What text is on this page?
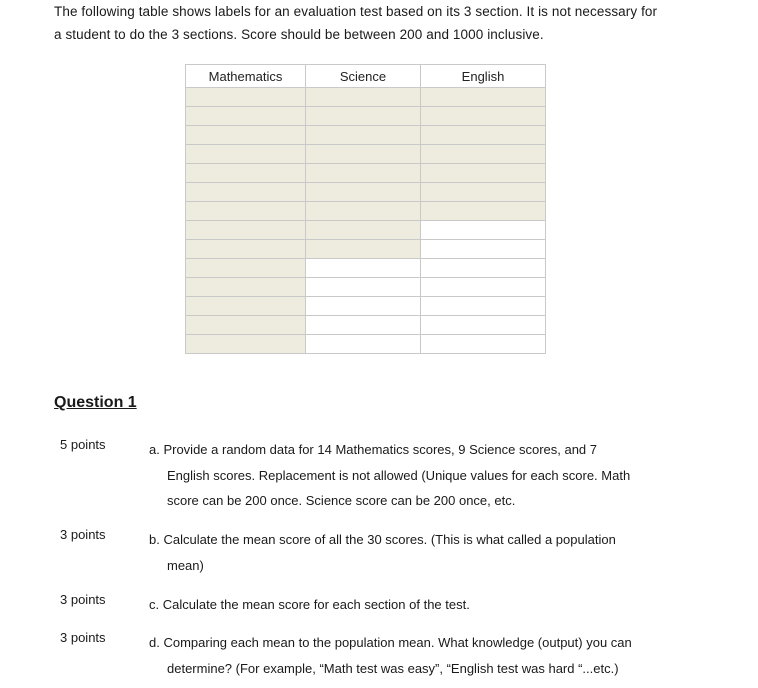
The following table shows labels for an evaluation test based on its 3 section. It is not necessary for
a student to do the 3 sections. Score should be between 200 and 1000 inclusive.
Mathematics	Science	English

Question 1
5 points	a. Provide a random data for 14 Mathematics scores, 9 Science scores, and 7
English scores. Replacement is not allowed (Unique values for each score. Math
score can be 200 once. Science score can be 200 once, etc.
3 points	b. Calculate the mean score of all the 30 scores. (This is what called a population
mean)
3 points	c. Calculate the mean score for each section of the test.
3 points	d. Comparing each mean to the population mean. What knowledge (output) you can
determine? (For example, “Math test was easy”, “English test was hard “...etc.)
